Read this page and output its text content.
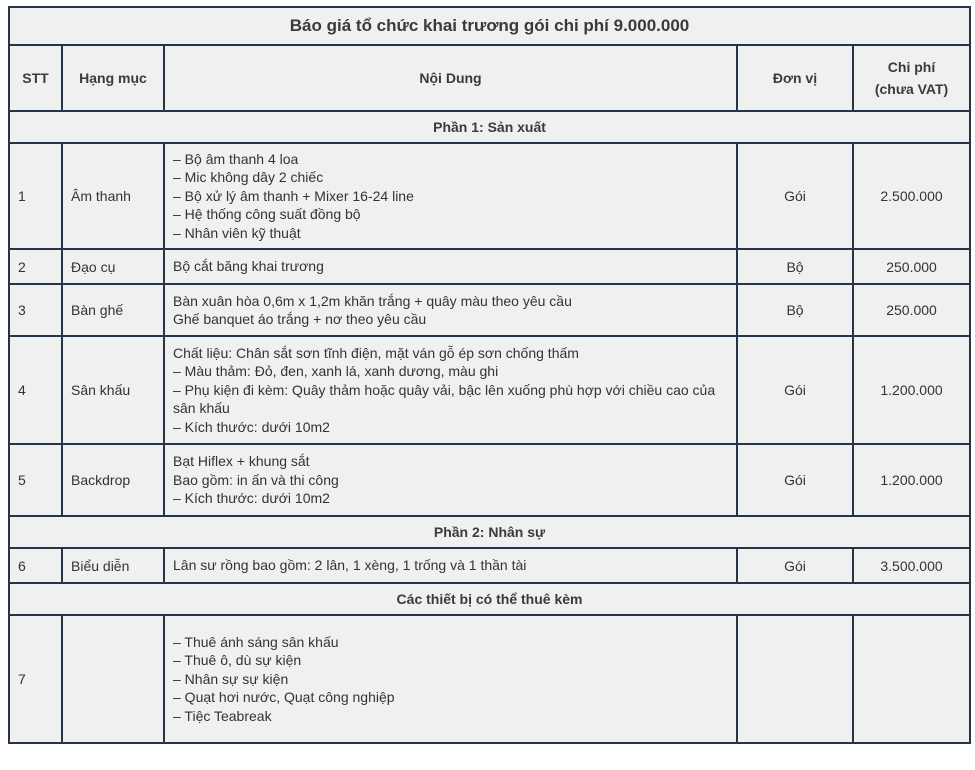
Báo giá tổ chức khai trương gói chi phí 9.000.000				
STT	Hạng mục	Nội Dung	Đơn vị	Chi phí
(chưa VAT)

Phần 1: Sản xuất				
1	Âm thanh	– Bộ âm thanh 4 loa
– Mic không dây 2 chiếc
– Bộ xử lý âm thanh + Mixer 16-24 line
– Hệ thống công suất đồng bộ
– Nhân viên kỹ thuật	Gói	2.500.000
2	Đạo cụ	Bộ cắt băng khai trương	Bộ	250.000
3	Bàn ghế	Bàn xuân hòa 0,6m x 1,2m khăn trắng + quây màu theo yêu cầu
Ghế banquet áo trắng + nơ theo yêu cầu	Bộ	250.000
4	Sân khấu	Chất liệu: Chân sắt sơn tĩnh điện, mặt ván gỗ ép sơn chống thấm
– Màu thảm: Đỏ, đen, xanh lá, xanh dương, màu ghi
– Phụ kiện đi kèm: Quây thảm hoặc quây vải, bậc lên xuống phù hợp với chiều cao của sân khấu
– Kích thước: dưới 10m2	Gói	1.200.000
5	Backdrop	Bạt Hiflex + khung sắt
Bao gồm: in ấn và thi công
– Kích thước: dưới 10m2	Gói	1.200.000
Phần 2: Nhân sự				
6	Biểu diễn	Lân sư rồng bao gồm: 2 lân, 1 xèng, 1 trống và 1 thần tài	Gói	3.500.000
Các thiết bị có thể thuê kèm				
7		– Thuê ánh sáng sân khấu
– Thuê ô, dù sự kiện
– Nhân sự sự kiện
– Quạt hơi nước, Quạt công nghiệp
– Tiệc Teabreak		
